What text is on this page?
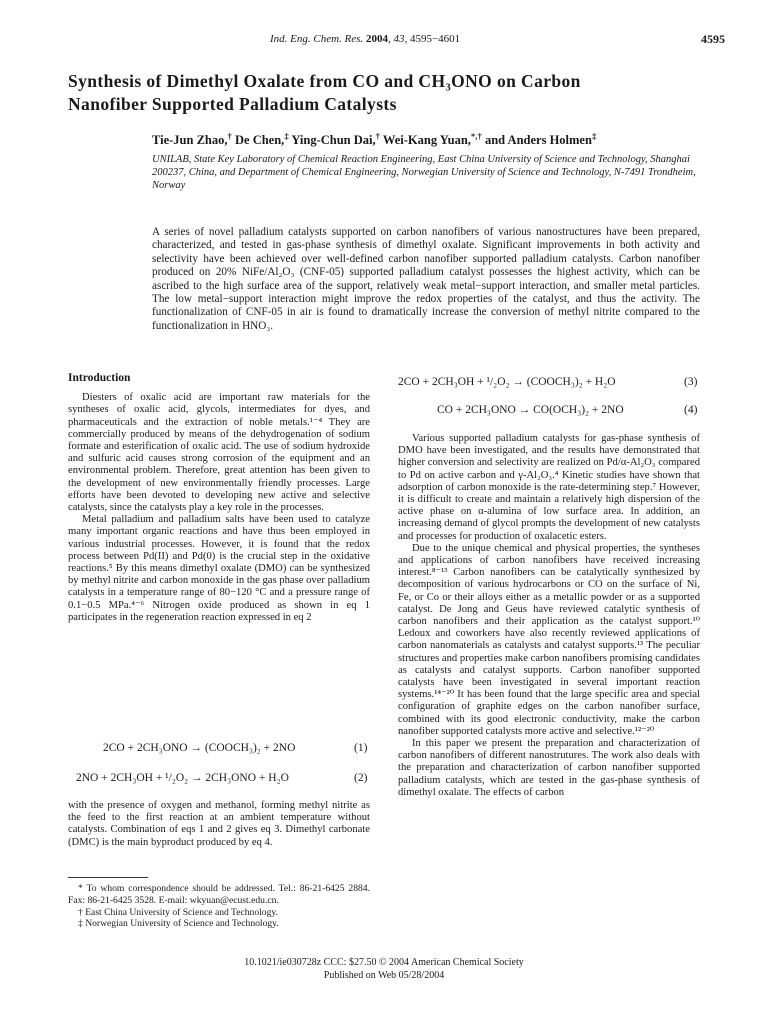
Ind. Eng. Chem. Res. 2004, 43, 4595−4601	4595
Synthesis of Dimethyl Oxalate from CO and CH₃ONO on Carbon
Nanofiber Supported Palladium Catalysts
Tie-Jun Zhao,† De Chen,‡ Ying-Chun Dai,† Wei-Kang Yuan,*,† and Anders Holmen‡
UNILAB, State Key Laboratory of Chemical Reaction Engineering, East China University of Science and Technology, Shanghai 200237, China, and Department of Chemical Engineering, Norwegian University of Science and Technology, N-7491 Trondheim, Norway
A series of novel palladium catalysts supported on carbon nanofibers of various nanostructures have been prepared, characterized, and tested in gas-phase synthesis of dimethyl oxalate. Significant improvements in both activity and selectivity have been achieved over well-defined carbon nanofiber supported palladium catalysts. Carbon nanofiber produced on 20% NiFe/Al₂O₃ (CNF-05) supported palladium catalyst possesses the highest activity, which can be ascribed to the high surface area of the support, relatively weak metal−support interaction, and smaller metal particles. The low metal−support interaction might improve the redox properties of the catalyst, and thus the activity. The functionalization of CNF-05 in air is found to dramatically increase the conversion of methyl nitrite compared to the functionalization in HNO₃.
Introduction

Diesters of oxalic acid are important raw materials for the syntheses of oxalic acid, glycols, intermediates for dyes, and pharmaceuticals and the extraction of noble metals.¹⁻⁴ They are commercially produced by means of the dehydrogenation of sodium formate and esterification of oxalic acid. The use of sodium hydroxide and sulfuric acid causes strong corrosion of the equipment and an environmental problem. Therefore, great attention has been given to the development of new environmentally friendly processes. Large efforts have been devoted to developing new active and selective catalysts, since the catalysts play a key role in the processes.

Metal palladium and palladium salts have been used to catalyze many important organic reactions and have thus been employed in various industrial processes. However, it is found that the redox process between Pd(II) and Pd(0) is the crucial step in the oxidative reactions.⁵ By this means dimethyl oxalate (DMO) can be synthesized by methyl nitrite and carbon monoxide in the gas phase over palladium catalysts in a temperature range of 80−120 °C and a pressure range of 0.1−0.5 MPa.⁴⁻⁶ Nitrogen oxide produced as shown in eq 1 participates in the regeneration reaction expressed in eq 2

2CO + 2CH₃ONO → (COOCH₃)₂ + 2NO	(1)
2NO + 2CH₃OH + ¹/₂O₂ → 2CH₃ONO + H₂O	(2)

with the presence of oxygen and methanol, forming methyl nitrite as the feed to the first reaction at an ambient temperature without catalysts. Combination of eqs 1 and 2 gives eq 3. Dimethyl carbonate (DMC) is the main byproduct produced by eq 4.

* To whom correspondence should be addressed. Tel.: 86-21-6425 2884. Fax: 86-21-6425 3528. E-mail: wkyuan@ecust.edu.cn.
† East China University of Science and Technology.
‡ Norwegian University of Science and Technology.
2CO + 2CH₃OH + ¹/₂O₂ → (COOCH₃)₂ + H₂O	(3)
CO + 2CH₃ONO → CO(OCH₃)₂ + 2NO	(4)

Various supported palladium catalysts for gas-phase synthesis of DMO have been investigated, and the results have demonstrated that higher conversion and selectivity are realized on Pd/α-Al₂O₃ compared to Pd on active carbon and γ-Al₂O₃.⁴ Kinetic studies have shown that adsorption of carbon monoxide is the rate-determining step.⁷ However, it is difficult to create and maintain a relatively high dispersion of the active phase on α-alumina of low surface area. In addition, an increasing demand of glycol prompts the development of new catalysts and processes for production of oxalacetic esters.

Due to the unique chemical and physical properties, the syntheses and applications of carbon nanofibers have received increasing interest.⁸⁻¹³ Carbon nanofibers can be catalytically synthesized by decomposition of various hydrocarbons or CO on the surface of Ni, Fe, or Co or their alloys either as a metallic powder or as a supported catalyst. De Jong and Geus have reviewed catalytic synthesis of carbon nanofibers and their application as the catalyst support.¹⁰ Ledoux and coworkers have also recently reviewed applications of carbon nanomaterials as catalysts and catalyst supports.¹³ The peculiar structures and properties make carbon nanofibers promising candidates as catalysts and catalyst supports. Carbon nanofiber supported catalysts have been investigated in several important reaction systems.¹⁴⁻²⁰ It has been found that the large specific area and special configuration of graphite edges on the carbon nanofiber surface, combined with its good electronic conductivity, make the carbon nanofiber supported catalysts more active and selective.¹²⁻²⁰

In this paper we present the preparation and characterization of carbon nanofibers of different nanostrutures. The work also deals with the preparation and characterization of carbon nanofiber supported palladium catalysts, which are tested in the gas-phase synthesis of dimethyl oxalate. The effects of carbon

10.1021/ie030728z CCC: $27.50 © 2004 American Chemical Society
Published on Web 05/28/2004
